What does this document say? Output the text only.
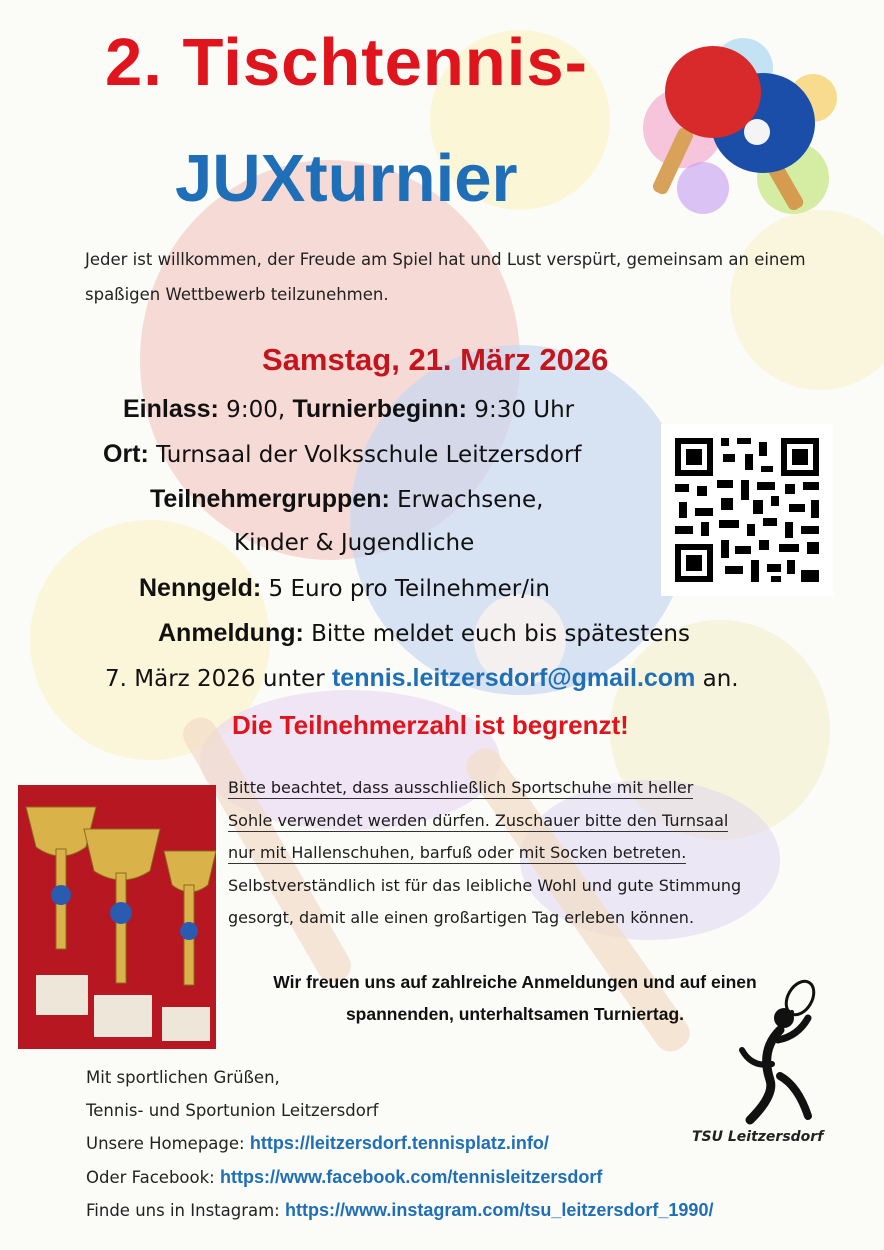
2. Tischtennis-
JUXturnier
Jeder ist willkommen, der Freude am Spiel hat und Lust verspürt, gemeinsam an einem spaßigen Wettbewerb teilzunehmen.
Samstag, 21. März 2026
Einlass: 9:00, Turnierbeginn: 9:30 Uhr
Ort: Turnsaal der Volksschule Leitzersdorf
Teilnehmergruppen: Erwachsene,
Kinder & Jugendliche
Nenngeld: 5 Euro pro Teilnehmer/in
Anmeldung: Bitte meldet euch bis spätestens
7. März 2026 unter tennis.leitzersdorf@gmail.com an.
Die Teilnehmerzahl ist begrenzt!
Bitte beachtet, dass ausschließlich Sportschuhe mit heller
Sohle verwendet werden dürfen. Zuschauer bitte den Turnsaal
nur mit Hallenschuhen, barfuß oder mit Socken betreten.
Selbstverständlich ist für das leibliche Wohl und gute Stimmung
gesorgt, damit alle einen großartigen Tag erleben können.
Wir freuen uns auf zahlreiche Anmeldungen und auf einen
spannenden, unterhaltsamen Turniertag.
TSU Leitzersdorf
Mit sportlichen Grüßen,
Tennis- und Sportunion Leitzersdorf
Unsere Homepage: https://leitzersdorf.tennisplatz.info/
Oder Facebook: https://www.facebook.com/tennisleitzersdorf
Finde uns in Instagram: https://www.instagram.com/tsu_leitzersdorf_1990/
